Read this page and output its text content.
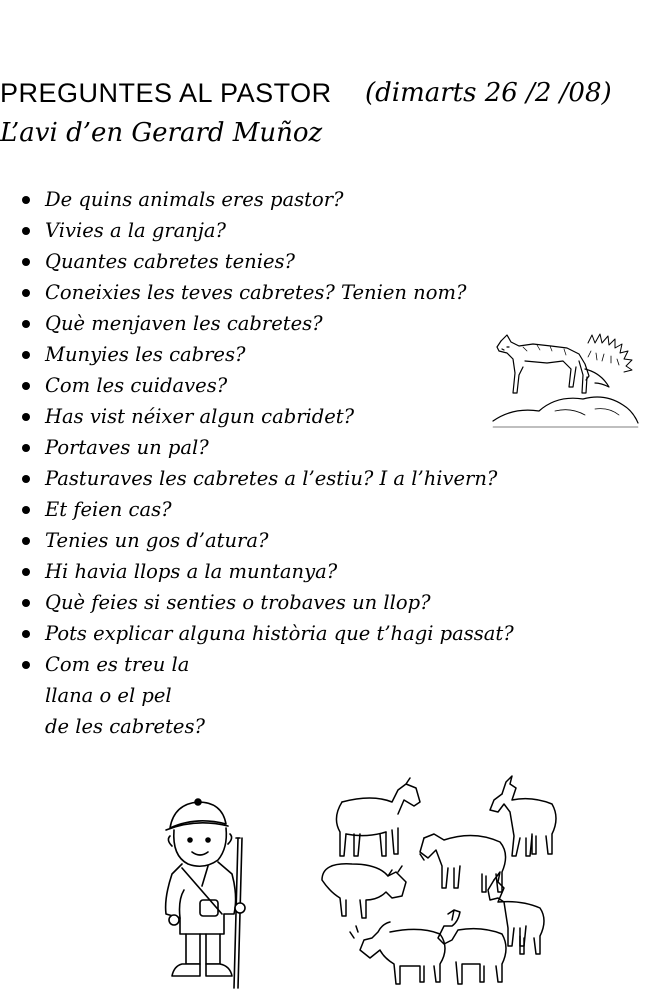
PREGUNTES AL PASTOR (dimarts 26 /2 /08)
L’avi d’en Gerard Muñoz
De quins animals eres pastor?
Vivies a la granja?
Quantes cabretes tenies?
Coneixies les teves cabretes? Tenien nom?
Què menjaven les cabretes?
Munyies les cabres?
Com les cuidaves?
Has vist néixer algun cabridet?
Portaves un pal?
Pasturaves les cabretes a l’estiu? I a l’hivern?
Et feien cas?
Tenies un gos d’atura?
Hi havia llops a la muntanya?
Què feies si senties o trobaves un llop?
Pots explicar alguna història que t’hagi passat?
Com es treu la
llana o el pel
de les cabretes?
